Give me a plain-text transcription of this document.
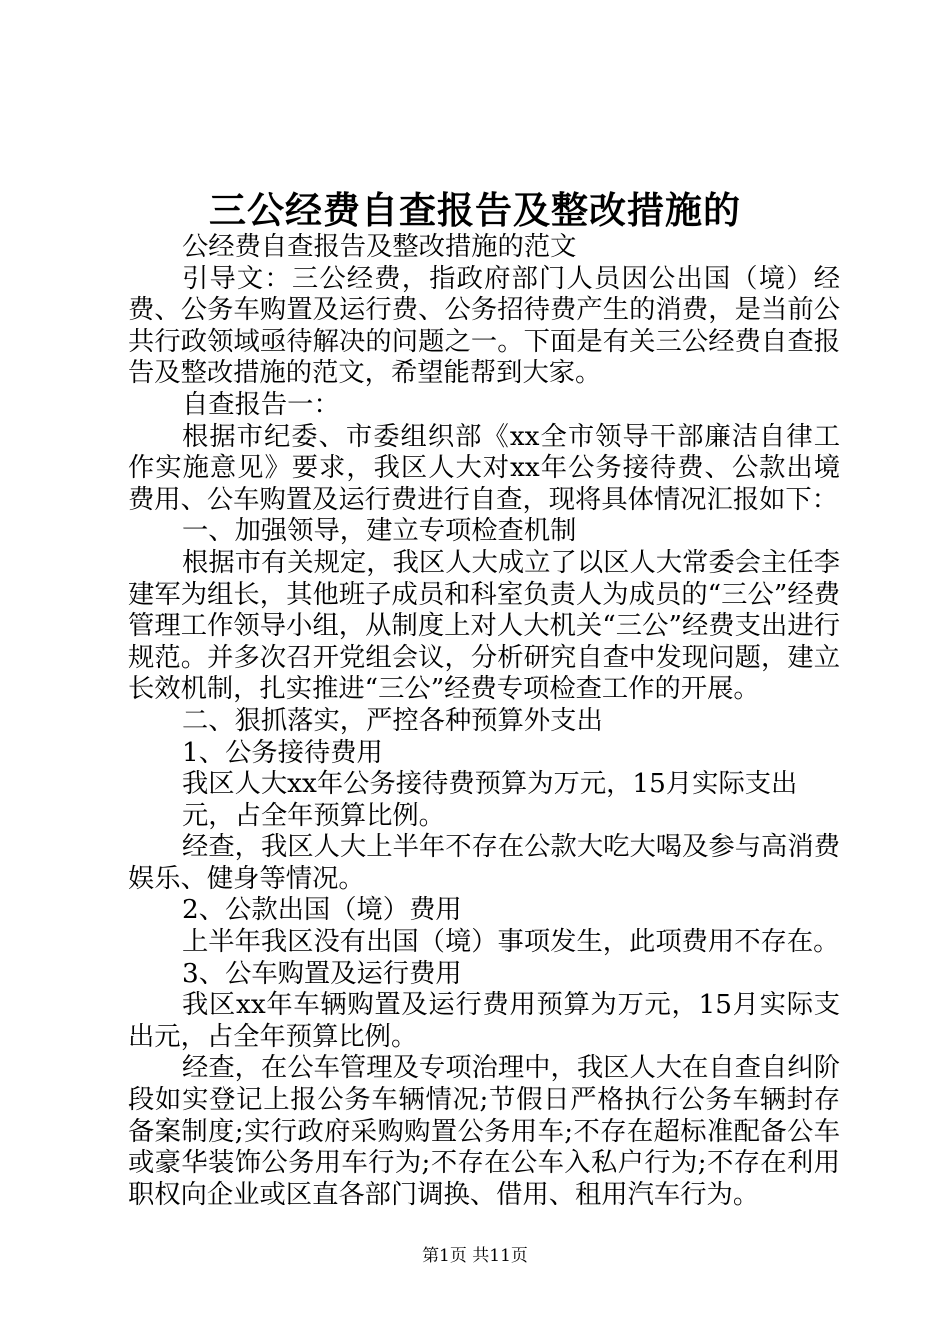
三公经费自查报告及整改措施的

公经费自查报告及整改措施的范文

引导文：三公经费，指政府部门人员因公出国（境）经费、公务车购置及运行费、公务招待费产生的消费，是当前公共行政领域亟待解决的问题之一。下面是有关三公经费自查报告及整改措施的范文，希望能帮到大家。

自查报告一：

根据市纪委、市委组织部《xx全市领导干部廉洁自律工作实施意见》要求，我区人大对xx年公务接待费、公款出境费用、公车购置及运行费进行自查，现将具体情况汇报如下：

一、加强领导，建立专项检查机制

根据市有关规定，我区人大成立了以区人大常委会主任李建军为组长，其他班子成员和科室负责人为成员的“三公”经费管理工作领导小组，从制度上对人大机关“三公”经费支出进行规范。并多次召开党组会议，分析研究自查中发现问题，建立长效机制，扎实推进“三公”经费专项检查工作的开展。

二、狠抓落实，严控各种预算外支出

1、公务接待费用

我区人大xx年公务接待费预算为万元，15月实际支出

元，占全年预算比例。

经查，我区人大上半年不存在公款大吃大喝及参与高消费娱乐、健身等情况。

2、公款出国（境）费用

上半年我区没有出国（境）事项发生，此项费用不存在。

3、公车购置及运行费用

我区xx年车辆购置及运行费用预算为万元，15月实际支出元，占全年预算比例。

经查，在公车管理及专项治理中，我区人大在自查自纠阶段如实登记上报公务车辆情况;节假日严格执行公务车辆封存备案制度;实行政府采购购置公务用车;不存在超标准配备公车或豪华装饰公务用车行为;不存在公车入私户行为;不存在利用职权向企业或区直各部门调换、借用、租用汽车行为。

第1页 共11页
